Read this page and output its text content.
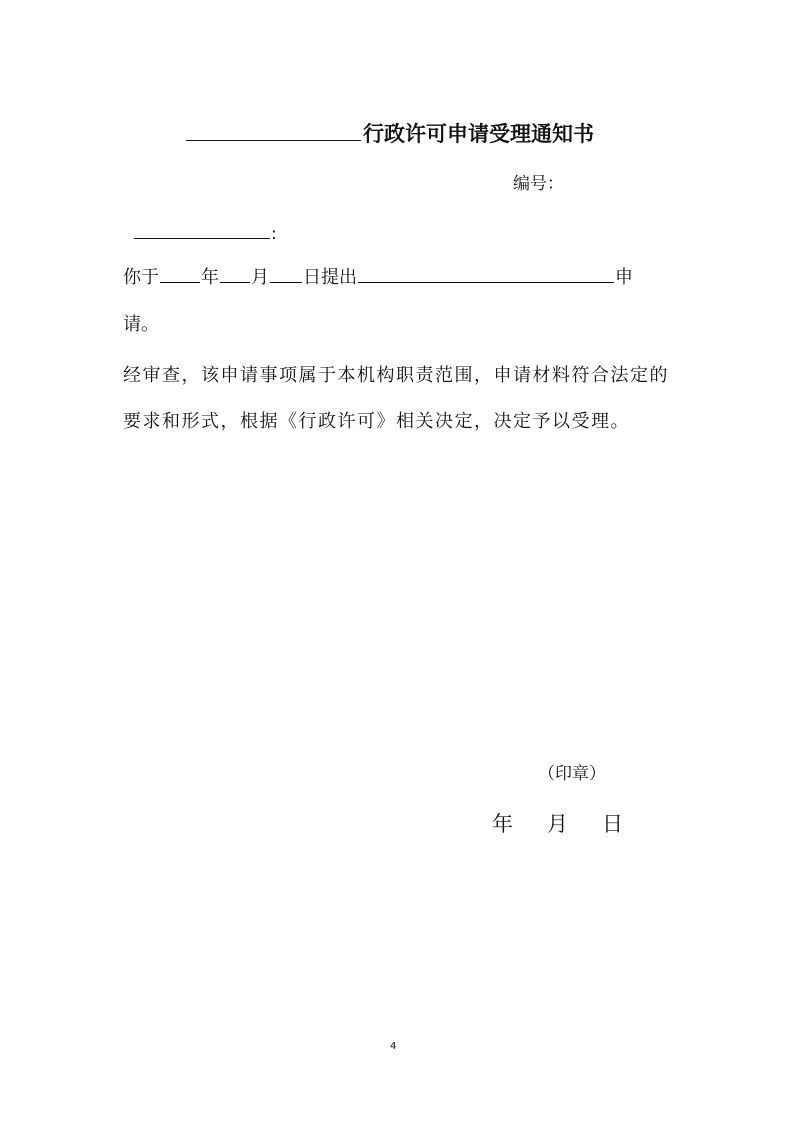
行政许可申请受理通知书
编号：
:
你于 年 月 日提出	申
请。
经审查，该申请事项属于本机构职责范围，申请材料符合法定的要求和形式，根据《行政许可》相关决定，决定予以受理。
（印章）
年 月 日
4
